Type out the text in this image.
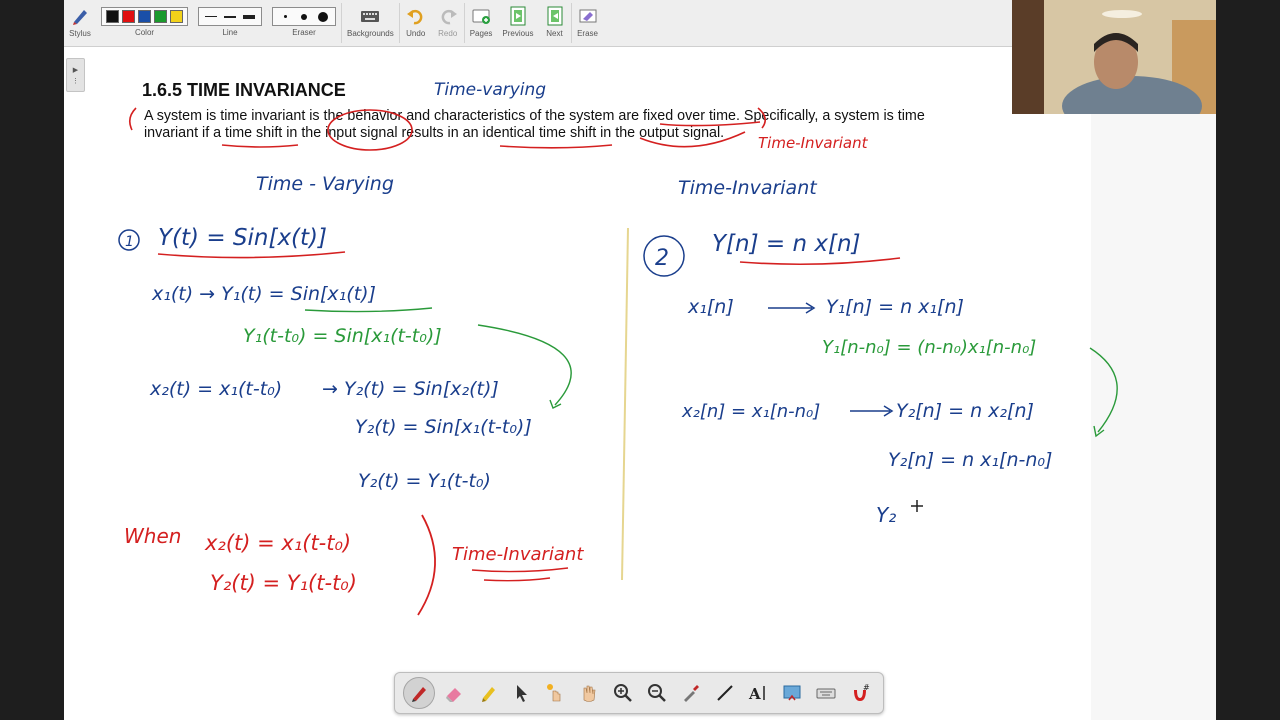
Stylus	Color	Line	Eraser	Backgrounds Undo Redo Pages Previous Next Erase
▶
⋮	1.6.5 TIME INVARIANCE
A system is time invariant is the behavior and characteristics of the system are fixed over time. Specifically, a system is time invariant if a time shift in the input signal results in an identical time shift in the output signal.
Time-varying
Time-Invariant
Time - Varying	Time-Invariant
1 Y(t) = Sin[x(t)]
x₁(t) → Y₁(t) = Sin[x₁(t)]
Y₁(t-t₀) = Sin[x₁(t-t₀)]
x₂(t) = x₁(t-t₀) → Y₂(t) = Sin[x₂(t)]
Y₂(t) = Sin[x₁(t-t₀)]
Y₂(t) = Y₁(t-t₀)
When x₂(t) = x₁(t-t₀)
Y₂(t) = Y₁(t-t₀)
Time-Invariant
2
Y[n] = n x[n]
x₁[n]	Y₁[n] = n x₁[n]
Y₁[n-n₀] = (n-n₀)x₁[n-n₀]
x₂[n] = x₁[n-n₀]	Y₂[n] = n x₂[n]
Y₂[n] = n x₁[n-n₀]
Y₂
A	#
